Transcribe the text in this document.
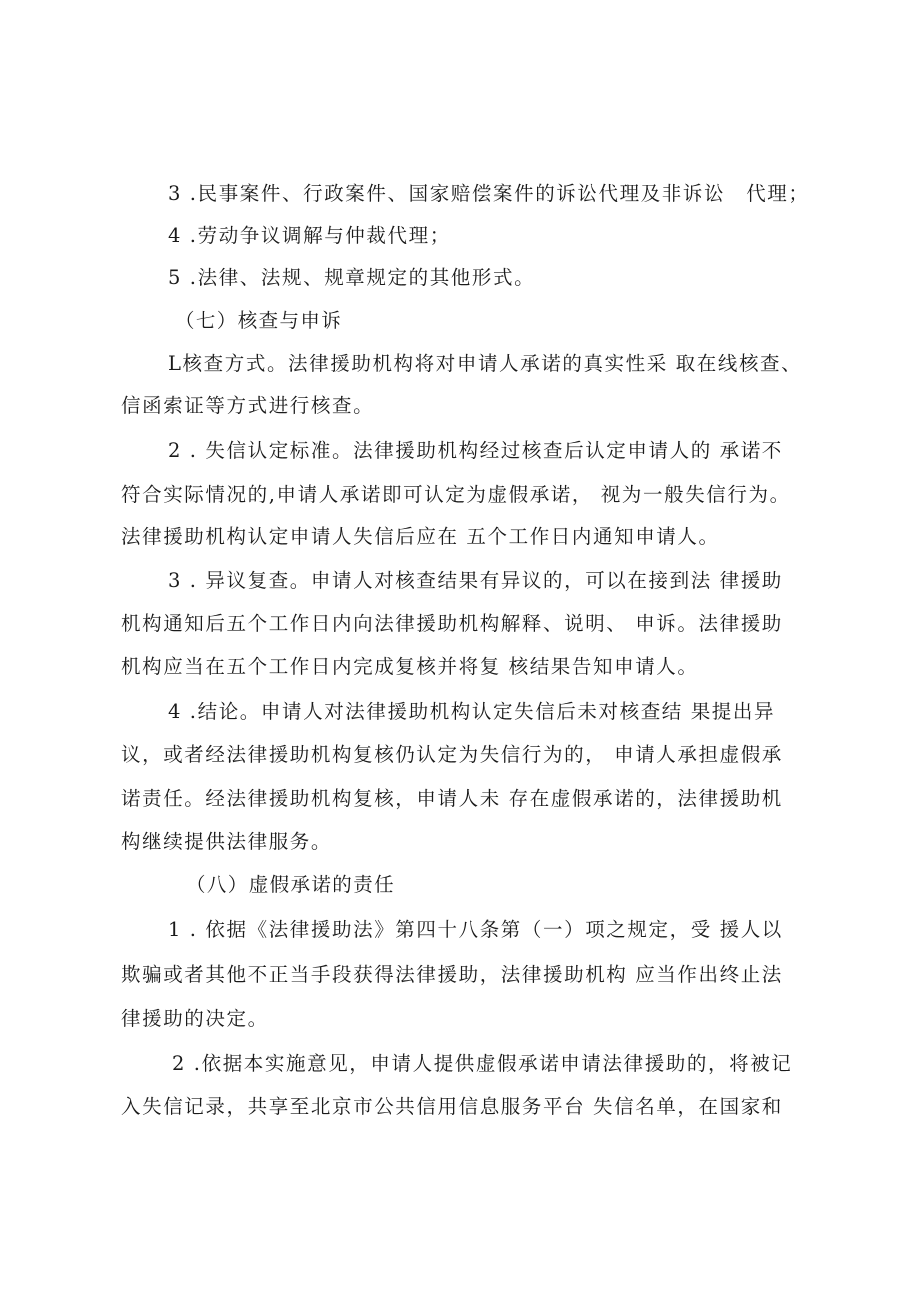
3 .民事案件、行政案件、国家赔偿案件的诉讼代理及非诉讼　代理；

4 .劳动争议调解与仲裁代理；

5 .法律、法规、规章规定的其他形式。

（七）核查与申诉

L核查方式。法律援助机构将对申请人承诺的真实性采 取在线核查、

信函索证等方式进行核查。

2 . 失信认定标准。法律援助机构经过核查后认定申请人的 承诺不

符合实际情况的,申请人承诺即可认定为虚假承诺， 视为一般失信行为。

法律援助机构认定申请人失信后应在 五个工作日内通知申请人。

3 . 异议复查。申请人对核查结果有异议的，可以在接到法 律援助

机构通知后五个工作日内向法律援助机构解释、说明、 申诉。法律援助

机构应当在五个工作日内完成复核并将复 核结果告知申请人。

4 .结论。申请人对法律援助机构认定失信后未对核查结 果提出异

议，或者经法律援助机构复核仍认定为失信行为的， 申请人承担虚假承

诺责任。经法律援助机构复核，申请人未 存在虚假承诺的，法律援助机

构继续提供法律服务。

（八）虚假承诺的责任

1 . 依据《法律援助法》第四十八条第（一）项之规定，受 援人以

欺骗或者其他不正当手段获得法律援助，法律援助机构 应当作出终止法

律援助的决定。

2 .依据本实施意见，申请人提供虚假承诺申请法律援助的，将被记

入失信记录，共享至北京市公共信用信息服务平台 失信名单，在国家和
